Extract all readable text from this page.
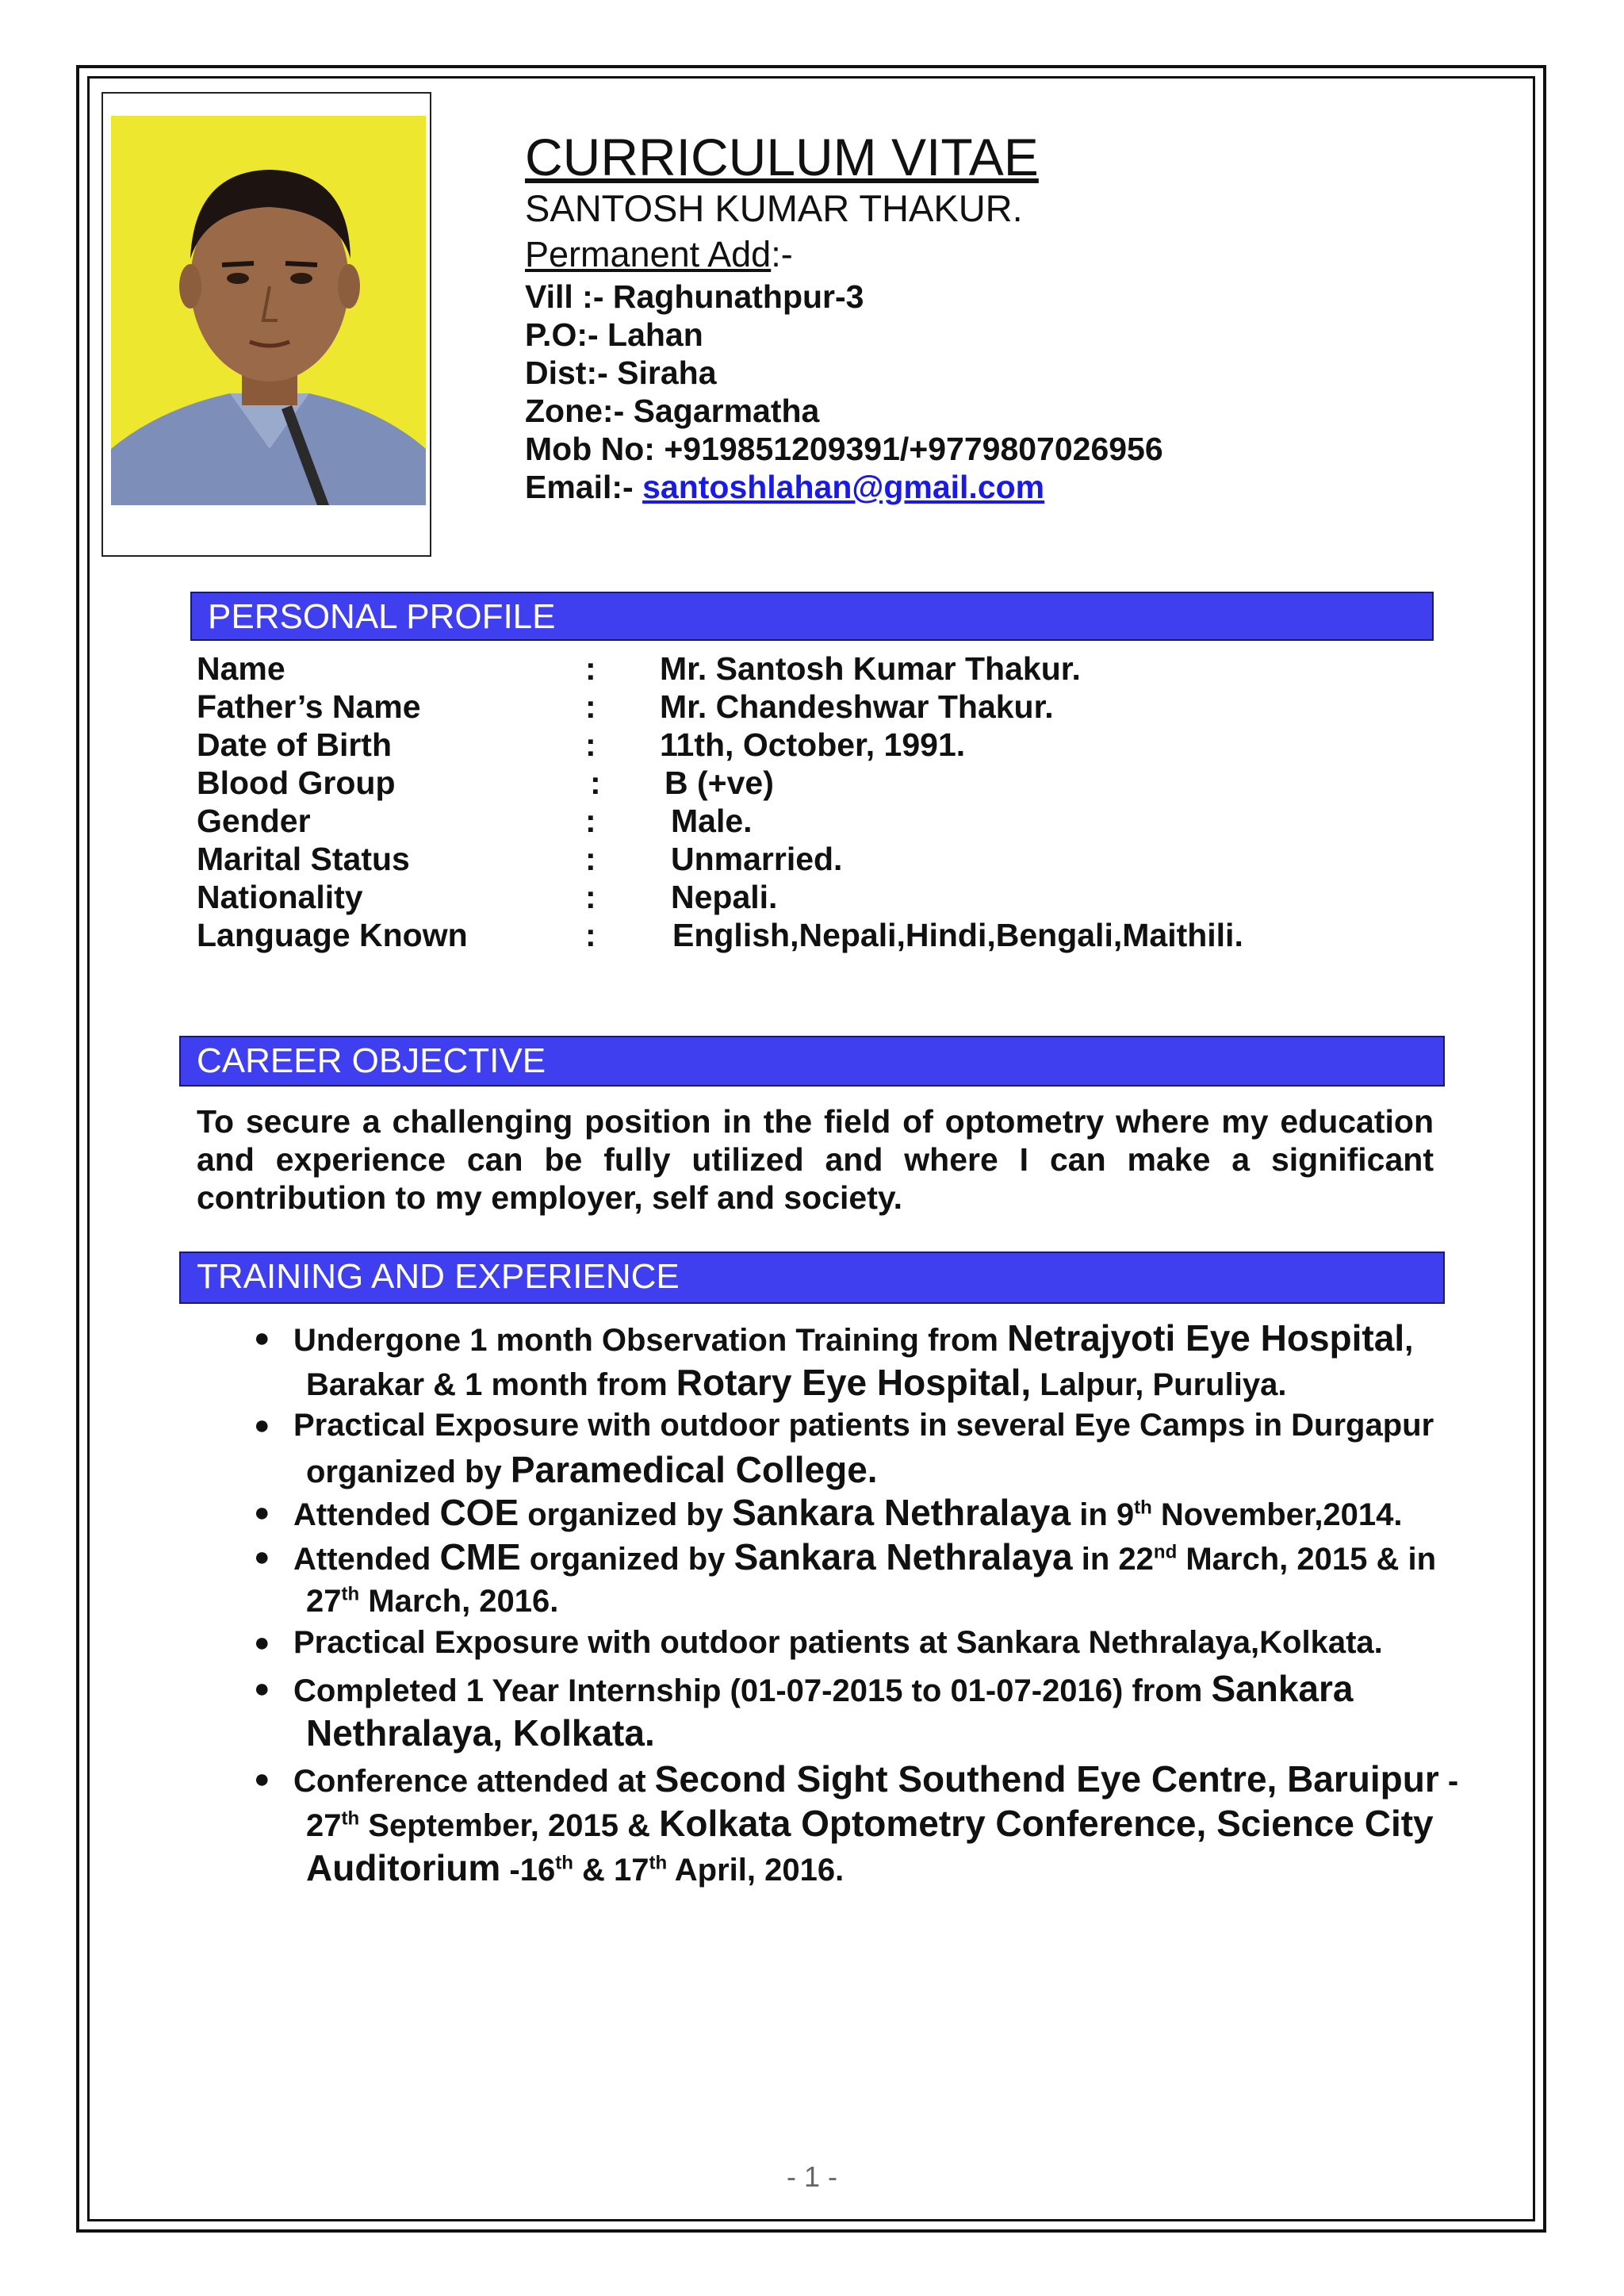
CURRICULUM VITAE
SANTOSH KUMAR THAKUR.
Permanent Add:-
Vill :- Raghunathpur-3
P.O:- Lahan
Dist:- Siraha
Zone:- Sagarmatha
Mob No: +919851209391/+9779807026956
Email:- santoshlahan@gmail.com
PERSONAL PROFILE
Name	: Mr. Santosh Kumar Thakur.
Father’s Name	: Mr. Chandeshwar Thakur.
Date of Birth	: 11th, October, 1991.
Blood Group	: B (+ve)
Gender	: Male.
Marital Status	: Unmarried.
Nationality	: Nepali.
Language Known	: English,Nepali,Hindi,Bengali,Maithili.
CAREER OBJECTIVE
To secure a challenging position in the field of optometry where my education and experience can be fully utilized and where I can make a significant contribution to my employer, self and society.
TRAINING AND EXPERIENCE
● Undergone 1 month Observation Training from Netrajyoti Eye Hospital,
Barakar & 1 month from Rotary Eye Hospital, Lalpur, Puruliya.
● Practical Exposure with outdoor patients in several Eye Camps in Durgapur
organized by Paramedical College.
● Attended COE organized by Sankara Nethralaya in 9th November,2014.
● Attended CME organized by Sankara Nethralaya in 22nd March, 2015 & in
27th March, 2016.
● Practical Exposure with outdoor patients at Sankara Nethralaya,Kolkata.
● Completed 1 Year Internship (01-07-2015 to 01-07-2016) from Sankara
Nethralaya, Kolkata.
● Conference attended at Second Sight Southend Eye Centre, Baruipur -
27th September, 2015 & Kolkata Optometry Conference, Science City
Auditorium -16th & 17th April, 2016.
- 1 -
